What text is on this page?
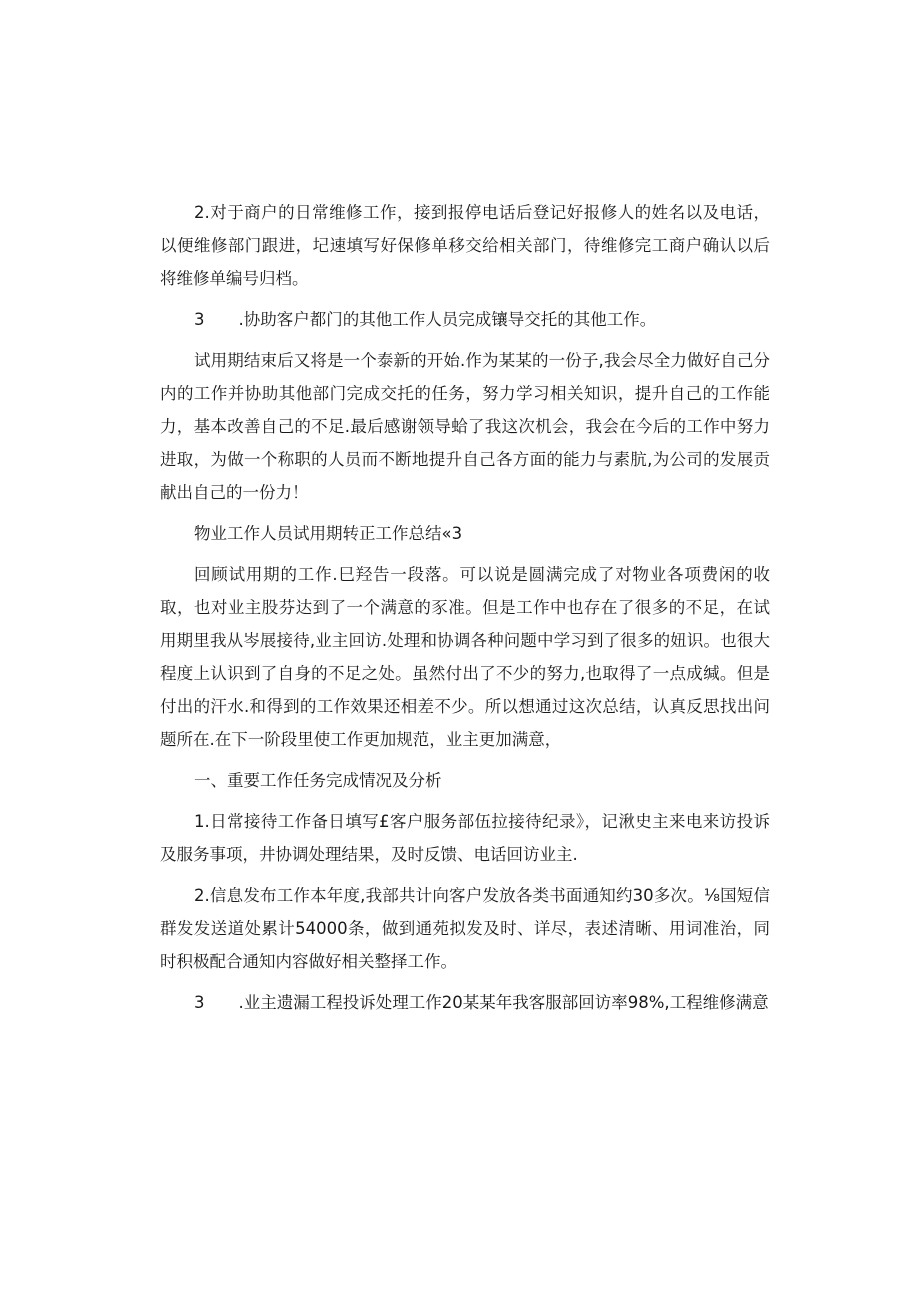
2.对于商户的日常维修工作，接到报停电话后登记好报修人的姓名以及电话，以便维修部门跟进，圮速填写好保修单移交给相关部门，待维修完工商户确认以后将维修单编号归档。

3 .协助客户都门的其他工作人员完成镶导交托的其他工作。

试用期结束后又将是一个泰新的开始.作为某某的一份子,我会尽全力做好自己分内的工作并协助其他部门完成交托的任务，努力学习相关知识，提升自己的工作能力，基本改善自己的不足.最后感谢领导蛤了我这次机会，我会在今后的工作中努力进取，为做一个称职的人员而不断地提升自己各方面的能力与素肮,为公司的发展贡献出自己的一份力！

物业工作人员试用期转正工作总结«3

回顾试用期的工作.巳羟告一段落。可以说是圆满完成了对物业各项费闲的收取，也对业主股芬达到了一个满意的豕准。但是工作中也存在了很多的不足，在试用期里我从岑展接待,业主回访.处理和协调各种问题中学习到了很多的妞识。也很大程度上认识到了自身的不足之处。虽然付出了不少的努力,也取得了一点成缄。但是付出的汗水.和得到的工作效果还相差不少。所以想通过这次总结，认真反思找出问题所在.在下一阶段里使工作更加规范，业主更加满意，

一、重要工作任务完成情况及分析

1.日常接待工作备日填写£客户服务部伍拉接待纪录》，记湫史主来电来访投诉及服务事项，井协调处理结果，及时反馈、电话回访业主.

2.信息发布工作本年度,我部共计向客户发放各类书面通知约30多次。⅛国短信群发发送道处累计54000条，做到通苑拟发及时、详尽，表述清晰、用词准治，同时积极配合通知内容做好相关整择工作。

3 .业主遗漏工程投诉处理工作20某某年我客服部回访率98%,工程维修满意
